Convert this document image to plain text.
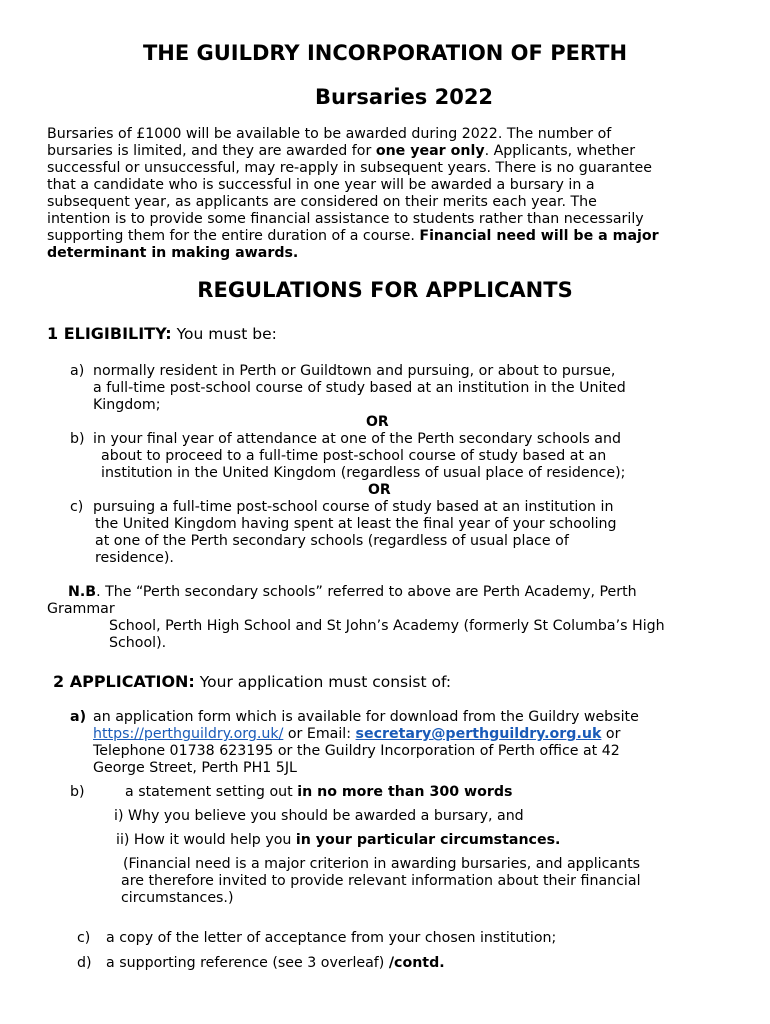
THE GUILDRY INCORPORATION OF PERTH
Bursaries 2022
Bursaries of £1000 will be available to be awarded during 2022. The number of
bursaries is limited, and they are awarded for one year only. Applicants, whether
successful or unsuccessful, may re-apply in subsequent years. There is no guarantee
that a candidate who is successful in one year will be awarded a bursary in a
subsequent year, as applicants are considered on their merits each year. The
intention is to provide some financial assistance to students rather than necessarily
supporting them for the entire duration of a course. Financial need will be a major
determinant in making awards.
REGULATIONS FOR APPLICANTS
1 ELIGIBILITY: You must be:
a) normally resident in Perth or Guildtown and pursuing, or about to pursue,
a full-time post-school course of study based at an institution in the United
Kingdom;
OR
b) in your final year of attendance at one of the Perth secondary schools and
about to proceed to a full-time post-school course of study based at an
institution in the United Kingdom (regardless of usual place of residence);
OR
c) pursuing a full-time post-school course of study based at an institution in
the United Kingdom having spent at least the final year of your schooling
at one of the Perth secondary schools (regardless of usual place of
residence).
N.B. The “Perth secondary schools” referred to above are Perth Academy, Perth
Grammar
School, Perth High School and St John’s Academy (formerly St Columba’s High
School).
2 APPLICATION: Your application must consist of:
a) an application form which is available for download from the Guildry website
https://perthguildry.org.uk/ or Email: secretary@perthguildry.org.uk or
Telephone 01738 623195 or the Guildry Incorporation of Perth office at 42
George Street, Perth PH1 5JL
b)	a statement setting out in no more than 300 words
i) Why you believe you should be awarded a bursary, and
ii) How it would help you in your particular circumstances.
(Financial need is a major criterion in awarding bursaries, and applicants
are therefore invited to provide relevant information about their financial
circumstances.)
c) a copy of the letter of acceptance from your chosen institution;
d) a supporting reference (see 3 overleaf) /contd.
